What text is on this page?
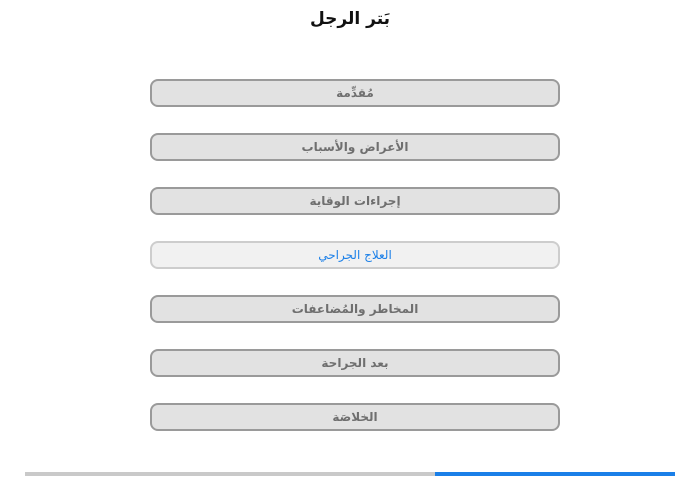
بَتر الرجل
مُقدِّمة
الأعراض والأسباب
إجراءات الوقاية
العلاج الجراحي
المخاطر والمُضاعفات
بعد الجراحة
الخلاصَة
